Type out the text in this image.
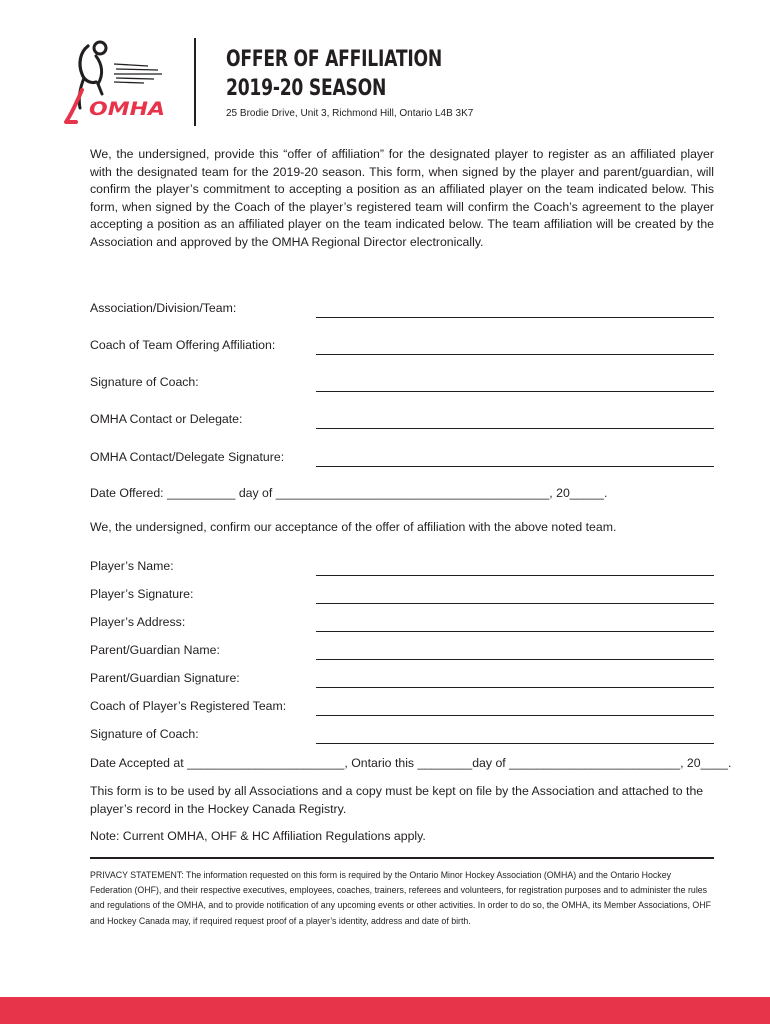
OMHA
OFFER OF AFFILIATION
2019-20 SEASON
25 Brodie Drive, Unit 3, Richmond Hill, Ontario L4B 3K7

We, the undersigned, provide this “offer of affiliation” for the designated player to register as an affiliated player with the designated team for the 2019-20 season. This form, when signed by the player and parent/guardian, will confirm the player’s commitment to accepting a position as an affiliated player on the team indicated below. This form, when signed by the Coach of the player’s registered team will confirm the Coach’s agreement to the player accepting a position as an affiliated player on the team indicated below. The team affiliation will be created by the Association and approved by the OMHA Regional Director electronically.

Association/Division/Team:
Coach of Team Offering Affiliation:
Signature of Coach:
OMHA Contact or Delegate:
OMHA Contact/Delegate Signature:
Date Offered: __________ day of ________________________________________, 20_____.
We, the undersigned, confirm our acceptance of the offer of affiliation with the above noted team.
Player’s Name:
Player’s Signature:
Player’s Address:
Parent/Guardian Name:
Parent/Guardian Signature:
Coach of Player’s Registered Team:
Signature of Coach:
Date Accepted at _______________________, Ontario this ________day of _________________________, 20____.

This form is to be used by all Associations and a copy must be kept on file by the Association and attached to the player’s record in the Hockey Canada Registry.

Note: Current OMHA, OHF & HC Affiliation Regulations apply.

PRIVACY STATEMENT: The information requested on this form is required by the Ontario Minor Hockey Association (OMHA) and the Ontario Hockey Federation (OHF), and their respective executives, employees, coaches, trainers, referees and volunteers, for registration purposes and to administer the rules and regulations of the OMHA, and to provide notification of any upcoming events or other activities. In order to do so, the OMHA, its Member Associations, OHF and Hockey Canada may, if required request proof of a player’s identity, address and date of birth.
